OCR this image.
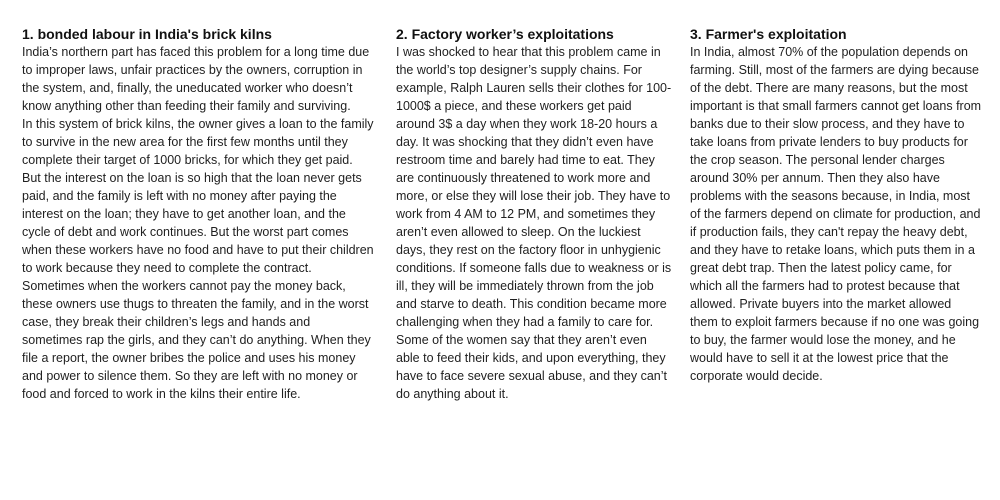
1. bonded labour in India's brick kilns

India’s northern part has faced this problem for a long time due to improper laws, unfair practices by the owners, corruption in the system, and, finally, the uneducated worker who doesn’t know anything other than feeding their family and surviving.

In this system of brick kilns, the owner gives a loan to the family to survive in the new area for the first few months until they complete their target of 1000 bricks, for which they get paid. But the interest on the loan is so high that the loan never gets paid, and the family is left with no money after paying the interest on the loan; they have to get another loan, and the cycle of debt and work continues. But the worst part comes when these workers have no food and have to put their children to work because they need to complete the contract. Sometimes when the workers cannot pay the money back, these owners use thugs to threaten the family, and in the worst case, they break their children’s legs and hands and sometimes rap the girls, and they can’t do anything. When they file a report, the owner bribes the police and uses his money and power to silence them. So they are left with no money or food and forced to work in the kilns their entire life.

2. Factory worker’s exploitations

I was shocked to hear that this problem came in the world’s top designer’s supply chains. For example, Ralph Lauren sells their clothes for 100-1000$ a piece, and these workers get paid around 3$ a day when they work 18-20 hours a day. It was shocking that they didn’t even have restroom time and barely had time to eat. They are continuously threatened to work more and more, or else they will lose their job. They have to work from 4 AM to 12 PM, and sometimes they aren’t even allowed to sleep. On the luckiest days, they rest on the factory floor in unhygienic conditions. If someone falls due to weakness or is ill, they will be immediately thrown from the job and starve to death. This condition became more challenging when they had a family to care for. Some of the women say that they aren’t even able to feed their kids, and upon everything, they have to face severe sexual abuse, and they can’t do anything about it.

3. Farmer's exploitation

In India, almost 70% of the population depends on farming. Still, most of the farmers are dying because of the debt. There are many reasons, but the most important is that small farmers cannot get loans from banks due to their slow process, and they have to take loans from private lenders to buy products for the crop season. The personal lender charges around 30% per annum. Then they also have problems with the seasons because, in India, most of the farmers depend on climate for production, and if production fails, they can't repay the heavy debt, and they have to retake loans, which puts them in a great debt trap. Then the latest policy came, for which all the farmers had to protest because that allowed. Private buyers into the market allowed them to exploit farmers because if no one was going to buy, the farmer would lose the money, and he would have to sell it at the lowest price that the corporate would decide.
